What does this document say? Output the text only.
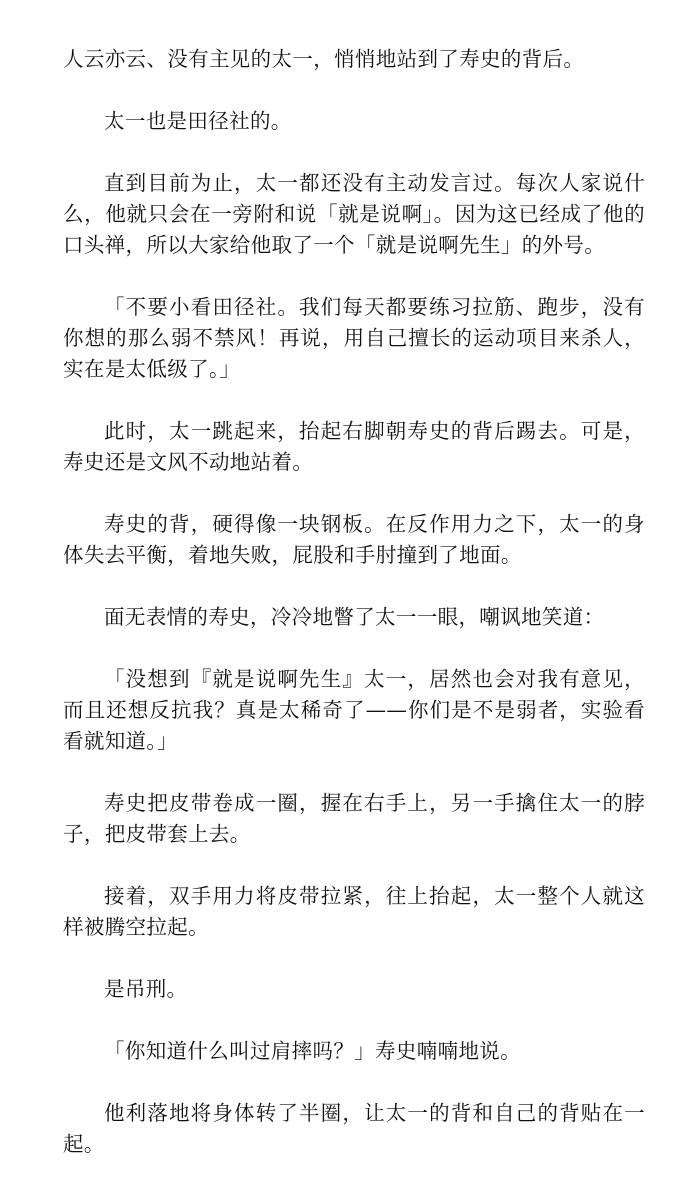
人云亦云、没有主见的太一，悄悄地站到了寿史的背后。

太一也是田径社的。

直到目前为止，太一都还没有主动发言过。每次人家说什么，他就只会在一旁附和说「就是说啊」。因为这已经成了他的口头禅，所以大家给他取了一个「就是说啊先生」的外号。

「不要小看田径社。我们每天都要练习拉筋、跑步，没有你想的那么弱不禁风！再说，用自己擅长的运动项目来杀人，实在是太低级了。」

此时，太一跳起来，抬起右脚朝寿史的背后踢去。可是，寿史还是文风不动地站着。

寿史的背，硬得像一块钢板。在反作用力之下，太一的身体失去平衡，着地失败，屁股和手肘撞到了地面。

面无表情的寿史，冷冷地瞥了太一一眼，嘲讽地笑道：

「没想到『就是说啊先生』太一，居然也会对我有意见，而且还想反抗我？真是太稀奇了——你们是不是弱者，实验看看就知道。」

寿史把皮带卷成一圈，握在右手上，另一手擒住太一的脖子，把皮带套上去。

接着，双手用力将皮带拉紧，往上抬起，太一整个人就这样被腾空拉起。

是吊刑。

「你知道什么叫过肩摔吗？」寿史喃喃地说。

他利落地将身体转了半圈，让太一的背和自己的背贴在一起。
